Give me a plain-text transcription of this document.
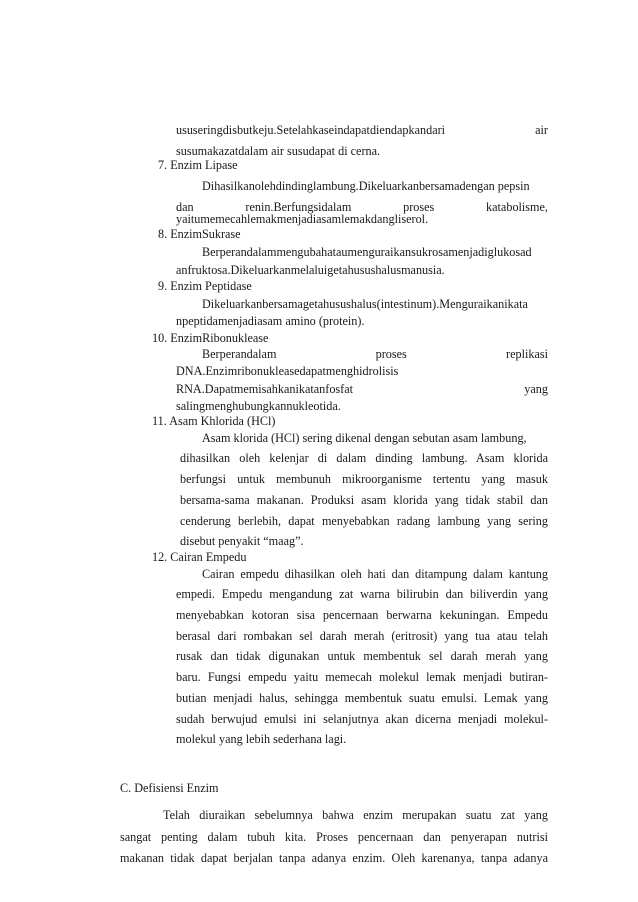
ususeringdisbutkeju.Setelahkaseindapatdiendapkandari	air
susumakazatdalam air susudapat di cerna.
7. Enzim Lipase
Dihasilkanolehdindinglambung.Dikeluarkanbersamadengan pepsin
dan	renin.Berfungsidalam	proses	katabolisme,
yaitumemecahlemakmenjadiasamlemakdangliserol.
8. EnzimSukrase
Berperandalammengubahataumenguraikansukrosamenjadiglukosad
anfruktosa.Dikeluarkanmelaluigetahusushalusmanusia.
9. Enzim Peptidase
Dikeluarkanbersamagetahusushalus(intestinum).Menguraikanikata
npeptidamenjadiasam amino (protein).
10. EnzimRibonuklease
Berperandalam	proses	replikasi
DNA.Enzimribonukleasedapatmenghidrolisis
RNA.Dapatmemisahkanikatanfosfat	yang
salingmenghubungkannukleotida.
11. Asam Khlorida (HCl)
Asam klorida (HCl) sering dikenal dengan sebutan asam lambung,
dihasilkan oleh kelenjar di dalam dinding lambung. Asam klorida
berfungsi untuk membunuh mikroorganisme tertentu yang masuk
bersama-sama makanan. Produksi asam klorida yang tidak stabil dan
cenderung berlebih, dapat menyebabkan radang lambung yang sering
disebut penyakit “maag”.
12. Cairan Empedu
Cairan empedu dihasilkan oleh hati dan ditampung dalam kantung
empedi. Empedu mengandung zat warna bilirubin dan biliverdin yang
menyebabkan kotoran sisa pencernaan berwarna kekuningan. Empedu
berasal dari rombakan sel darah merah (eritrosit) yang tua atau telah
rusak dan tidak digunakan untuk membentuk sel darah merah yang
baru. Fungsi empedu yaitu memecah molekul lemak menjadi butiran-
butian menjadi halus, sehingga membentuk suatu emulsi. Lemak yang
sudah berwujud emulsi ini selanjutnya akan dicerna menjadi molekul-
molekul yang lebih sederhana lagi.
C. Defisiensi Enzim
Telah diuraikan sebelumnya bahwa enzim merupakan suatu zat yang
sangat penting dalam tubuh kita. Proses pencernaan dan penyerapan nutrisi
makanan tidak dapat berjalan tanpa adanya enzim. Oleh karenanya, tanpa adanya
